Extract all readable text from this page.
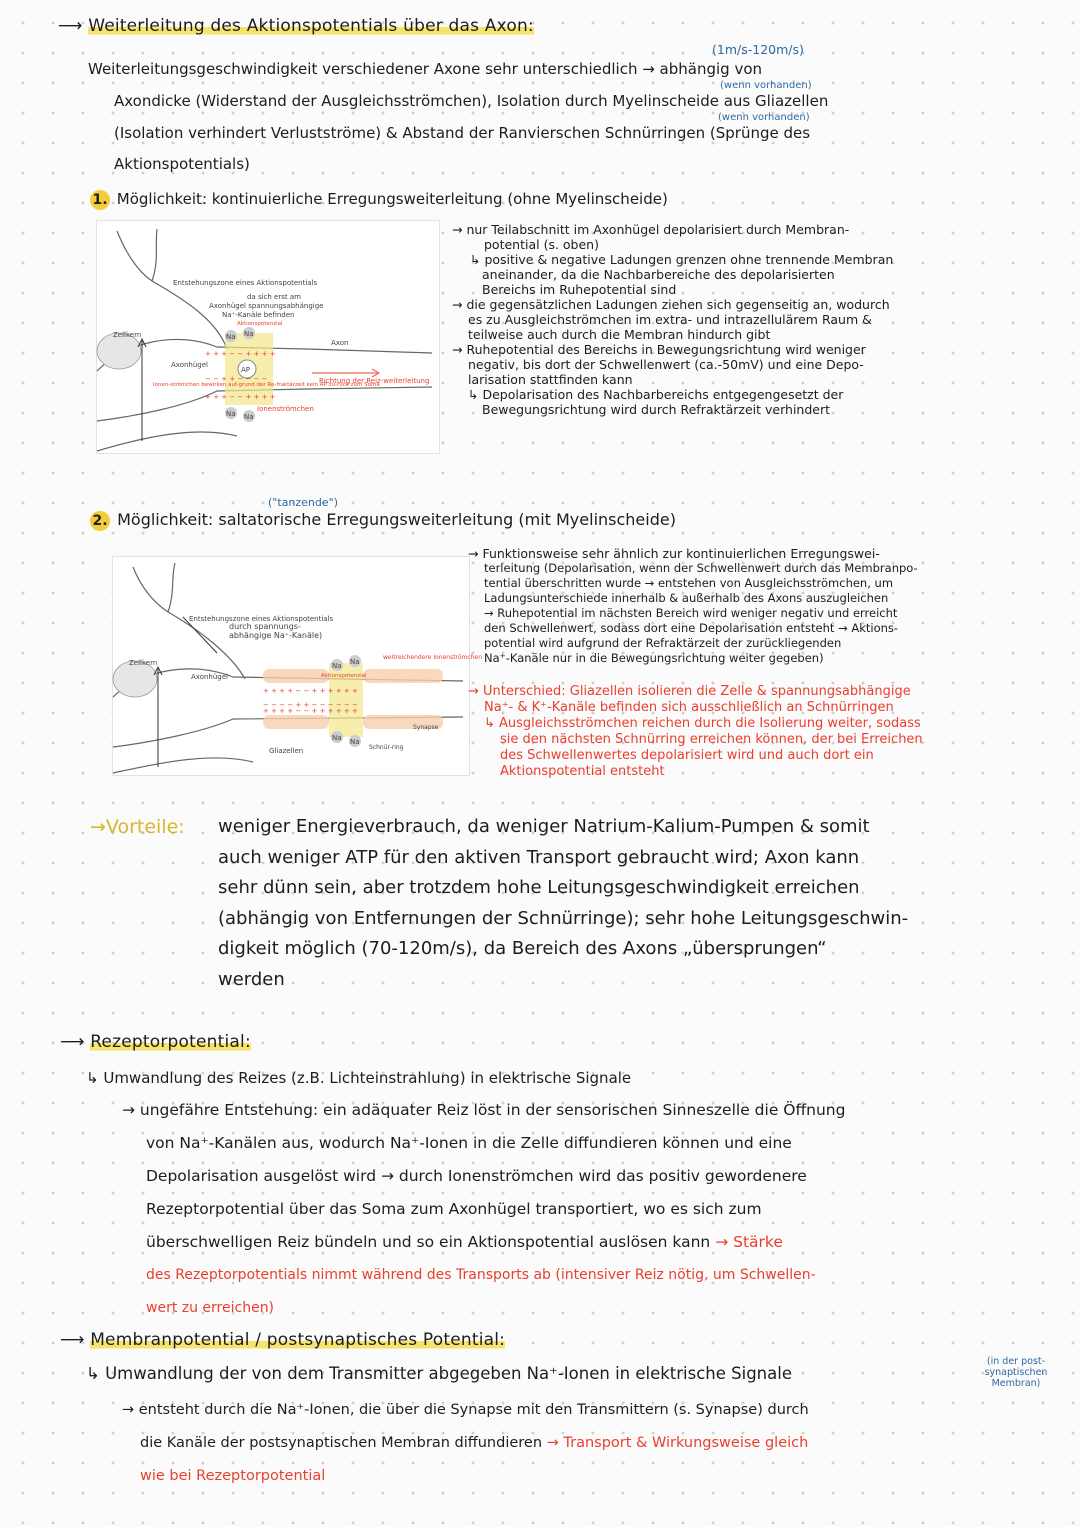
⟶ Weiterleitung des Aktionspotentials über das Axon:
(1m/s-120m/s)
Weiterleitungsgeschwindigkeit verschiedener Axone sehr unterschiedlich → abhängig von
(wenn vorhanden)
Axondicke (Widerstand der Ausgleichsströmchen), Isolation durch Myelinscheide aus Gliazellen
(wenn vorhanden)
(Isolation verhindert Verlustströme) & Abstand der Ranvierschen Schnürringen (Sprünge des
Aktionspotentials)
1. Möglichkeit: kontinuierliche Erregungsweiterleitung (ohne Myelinscheide)
AP
Na Na
Na Na
+ + + − − + + + +
− − + + − − − −
+ + + − − + + + +
Entstehungszone eines Aktionspotentials
da sich erst am
Axonhügel spannungsabhängige
Na⁺-Kanäle befinden
Zellkern
Axonhügel
Axon
Richtung der Reiz-weiterleitung
Ionenströmchen
Ionen-strömchen bewirken auf-grund der Re-fraktärzeit kein AP zu-rück zum Soma
Aktionspotenzial
→ nur Teilabschnitt im Axonhügel depolarisiert durch Membran-
potential (s. oben)
↳ positive & negative Ladungen grenzen ohne trennende Membran
aneinander, da die Nachbarbereiche des depolarisierten
Bereichs im Ruhepotential sind
→ die gegensätzlichen Ladungen ziehen sich gegenseitig an, wodurch
es zu Ausgleichströmchen im extra- und intrazellulärem Raum &
teilweise auch durch die Membran hindurch gibt
→ Ruhepotential des Bereichs in Bewegungsrichtung wird weniger
negativ, bis dort der Schwellenwert (ca.-50mV) und eine Depo-
larisation stattfinden kann
↳ Depolarisation des Nachbarbereichs entgegengesetzt der
Bewegungsrichtung wird durch Refraktärzeit verhindert
("tanzende")
2. Möglichkeit: saltatorische Erregungsweiterleitung (mit Myelinscheide)
Na Na
Na Na
+ + + + − − + + + + + +
− − − − + + − − − − − −
+ + + + − − + + + + + +
Entstehungszone eines Aktionspotentials
durch spannungs-
abhängige Na⁺-Kanäle)
Zellkern
Axonhügel
Gliazellen	Schnür-ring
Synapse
weitreichendere Ionenströmchen
Aktionspotenzial
→ Funktionsweise sehr ähnlich zur kontinuierlichen Erregungswei-
terleitung (Depolarisation, wenn der Schwellenwert durch das Membranpo-
tential überschritten wurde → entstehen von Ausgleichsströmchen, um
Ladungsunterschiede innerhalb & außerhalb des Axons auszugleichen
→ Ruhepotential im nächsten Bereich wird weniger negativ und erreicht
den Schwellenwert, sodass dort eine Depolarisation entsteht → Aktions-
potential wird aufgrund der Refraktärzeit der zurückliegenden
Na⁺-Kanäle nur in die Bewegungsrichtung weiter gegeben)
→ Unterschied: Gliazellen isolieren die Zelle & spannungsabhängige
Na⁺- & K⁺-Kanäle befinden sich ausschließlich an Schnürringen
↳ Ausgleichsströmchen reichen durch die Isolierung weiter, sodass
sie den nächsten Schnürring erreichen können, der bei Erreichen
des Schwellenwertes depolarisiert wird und auch dort ein
Aktionspotential entsteht
→Vorteile: weniger Energieverbrauch, da weniger Natrium-Kalium-Pumpen & somit
auch weniger ATP für den aktiven Transport gebraucht wird; Axon kann
sehr dünn sein, aber trotzdem hohe Leitungsgeschwindigkeit erreichen
(abhängig von Entfernungen der Schnürringe); sehr hohe Leitungsgeschwin-
digkeit möglich (70-120m/s), da Bereich des Axons „übersprungen“
werden
⟶ Rezeptorpotential:
↳ Umwandlung des Reizes (z.B. Lichteinstrahlung) in elektrische Signale
→ ungefähre Entstehung: ein adäquater Reiz löst in der sensorischen Sinneszelle die Öffnung
von Na⁺-Kanälen aus, wodurch Na⁺-Ionen in die Zelle diffundieren können und eine
Depolarisation ausgelöst wird → durch Ionenströmchen wird das positiv gewordenere
Rezeptorpotential über das Soma zum Axonhügel transportiert, wo es sich zum
überschwelligen Reiz bündeln und so ein Aktionspotential auslösen kann → Stärke
des Rezeptorpotentials nimmt während des Transports ab (intensiver Reiz nötig, um Schwellen-
wert zu erreichen)
⟶ Membranpotential / postsynaptisches Potential:
↳ Umwandlung der von dem Transmitter abgegeben Na⁺-Ionen in elektrische Signale
(in der post-synaptischen Membran)
→ entsteht durch die Na⁺-Ionen, die über die Synapse mit den Transmittern (s. Synapse) durch
die Kanäle der postsynaptischen Membran diffundieren → Transport & Wirkungsweise gleich
wie bei Rezeptorpotential
